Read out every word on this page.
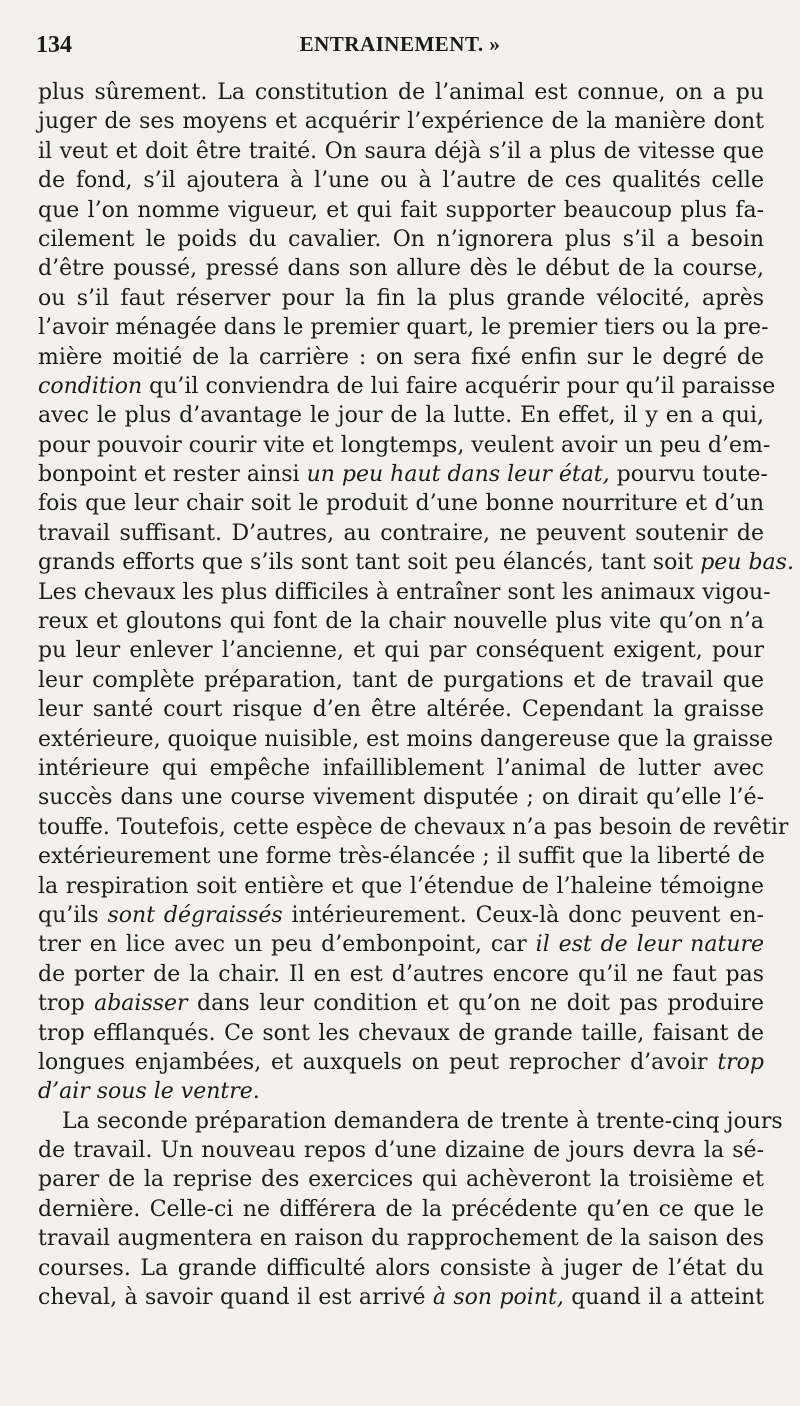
134	ENTRAINEMENT. »
plus sûrement. La constitution de l’animal est connue, on a pu
juger de ses moyens et acquérir l’expérience de la manière dont
il veut et doit être traité. On saura déjà s’il a plus de vitesse que
de fond, s’il ajoutera à l’une ou à l’autre de ces qualités celle
que l’on nomme vigueur, et qui fait supporter beaucoup plus fa-
cilement le poids du cavalier. On n’ignorera plus s’il a besoin
d’être poussé, pressé dans son allure dès le début de la course,
ou s’il faut réserver pour la fin la plus grande vélocité, après
l’avoir ménagée dans le premier quart, le premier tiers ou la pre-
mière moitié de la carrière : on sera fixé enfin sur le degré de
condition qu’il conviendra de lui faire acquérir pour qu’il paraisse
avec le plus d’avantage le jour de la lutte. En effet, il y en a qui,
pour pouvoir courir vite et longtemps, veulent avoir un peu d’em-
bonpoint et rester ainsi un peu haut dans leur état, pourvu toute-
fois que leur chair soit le produit d’une bonne nourriture et d’un
travail suffisant. D’autres, au contraire, ne peuvent soutenir de
grands efforts que s’ils sont tant soit peu élancés, tant soit peu bas.
Les chevaux les plus difficiles à entraîner sont les animaux vigou-
reux et gloutons qui font de la chair nouvelle plus vite qu’on n’a
pu leur enlever l’ancienne, et qui par conséquent exigent, pour
leur complète préparation, tant de purgations et de travail que
leur santé court risque d’en être altérée. Cependant la graisse
extérieure, quoique nuisible, est moins dangereuse que la graisse
intérieure qui empêche infailliblement l’animal de lutter avec
succès dans une course vivement disputée ; on dirait qu’elle l’é-
touffe. Toutefois, cette espèce de chevaux n’a pas besoin de revêtir
extérieurement une forme très-élancée ; il suffit que la liberté de
la respiration soit entière et que l’étendue de l’haleine témoigne
qu’ils sont dégraissés intérieurement. Ceux-là donc peuvent en-
trer en lice avec un peu d’embonpoint, car il est de leur nature
de porter de la chair. Il en est d’autres encore qu’il ne faut pas
trop abaisser dans leur condition et qu’on ne doit pas produire
trop efflanqués. Ce sont les chevaux de grande taille, faisant de
longues enjambées, et auxquels on peut reprocher d’avoir trop
d’air sous le ventre.
La seconde préparation demandera de trente à trente-cinq jours
de travail. Un nouveau repos d’une dizaine de jours devra la sé-
parer de la reprise des exercices qui achèveront la troisième et
dernière. Celle-ci ne différera de la précédente qu’en ce que le
travail augmentera en raison du rapprochement de la saison des
courses. La grande difficulté alors consiste à juger de l’état du
cheval, à savoir quand il est arrivé à son point, quand il a atteint
